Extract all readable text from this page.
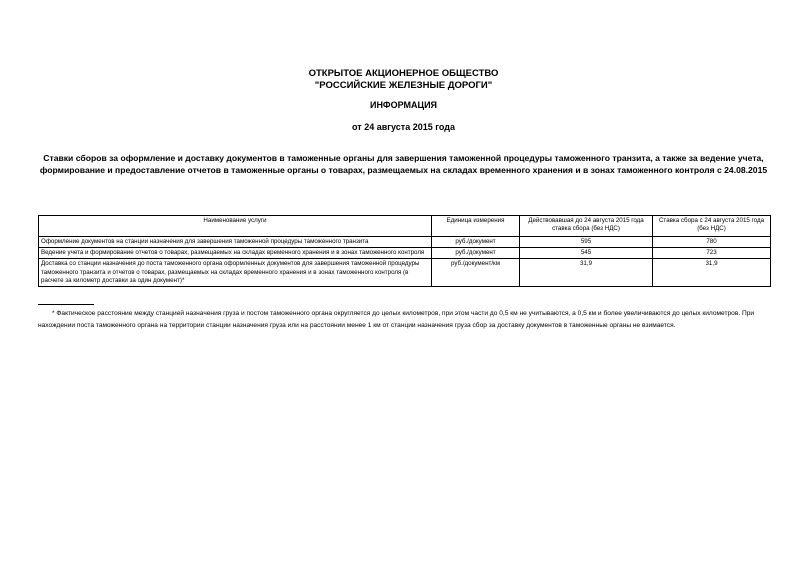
ОТКРЫТОЕ АКЦИОНЕРНОЕ ОБЩЕСТВО
"РОССИЙСКИЕ ЖЕЛЕЗНЫЕ ДОРОГИ"
ИНФОРМАЦИЯ
от 24 августа 2015 года
Ставки сборов за оформление и доставку документов в таможенные органы для завершения таможенной процедуры таможенного транзита, а также за ведение учета, формирование и предоставление отчетов в таможенные органы о товарах, размещаемых на складах временного хранения и в зонах таможенного контроля с 24.08.2015
Наименование услуги	Единица измерения	Действовавшая до 24 августа 2015 года ставка сбора (без НДС)	Ставка сбора с 24 августа 2015 года (без НДС)
Оформление документов на станции назначения для завершения таможенной процедуры таможенного транзита	руб./документ	595	780
Ведение учета и формирование отчетов о товарах, размещаемых на складах временного хранения и в зонах таможенного контроля	руб./документ	545	723
Доставка со станции назначения до поста таможенного органа оформленных документов для завершения таможенной процедуры таможенного транзита и отчетов о товарах, размещаемых на складах временного хранения и в зонах таможенного контроля (в расчете за километр доставки за один документ)*	руб./документ/км	31,9	31,9
* Фактическое расстояние между станцией назначения груза и постом таможенного органа округляется до целых километров, при этом части до 0,5 км не учитываются, а 0,5 км и более увеличиваются до целых километров. При нахождении поста таможенного органа на территории станции назначения груза или на расстоянии менее 1 км от станции назначения груза сбор за доставку документов в таможенные органы не взимается.
